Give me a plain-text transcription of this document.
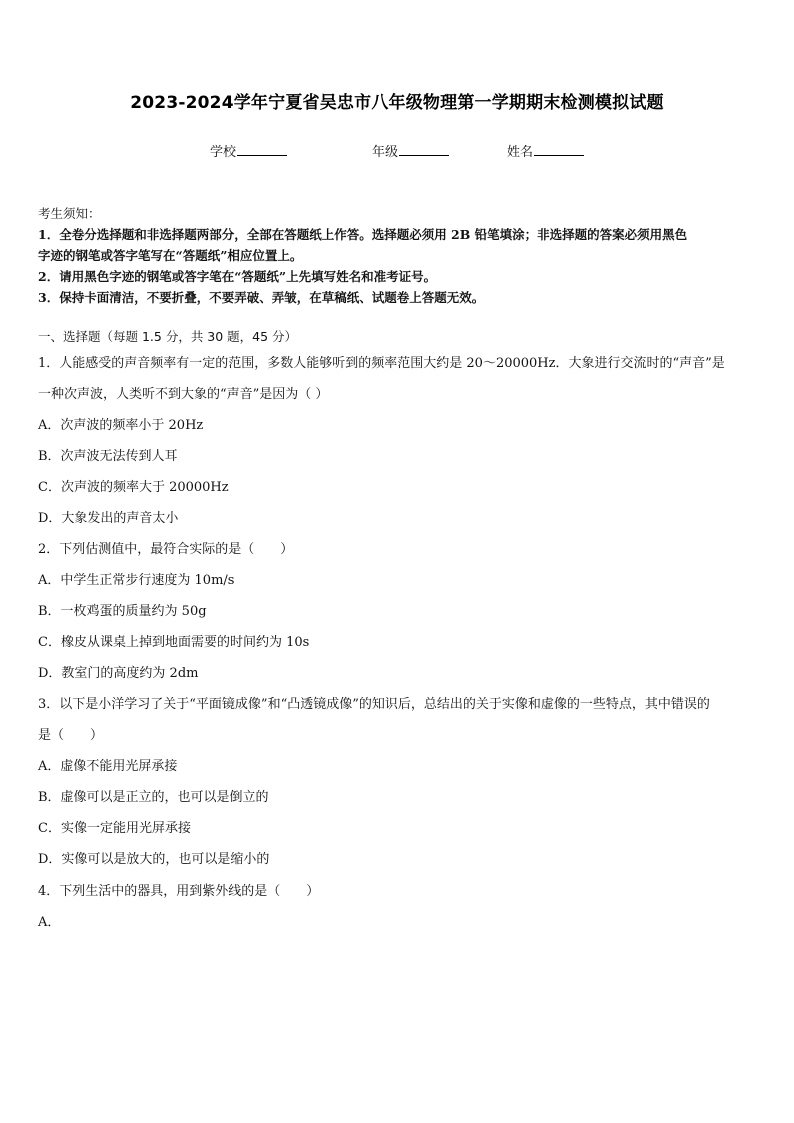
2023-2024学年宁夏省吴忠市八年级物理第一学期期末检测模拟试题
学校	年级	姓名
考生须知：
1．全卷分选择题和非选择题两部分，全部在答题纸上作答。选择题必须用 2B 铅笔填涂；非选择题的答案必须用黑色
字迹的钢笔或答字笔写在“答题纸”相应位置上。
2．请用黑色字迹的钢笔或答字笔在“答题纸”上先填写姓名和准考证号。
3．保持卡面清洁，不要折叠，不要弄破、弄皱，在草稿纸、试题卷上答题无效。
一、选择题（每题 1.5 分，共 30 题，45 分）
1．人能感受的声音频率有一定的范围，多数人能够听到的频率范围大约是 20～20000Hz．大象进行交流时的“声音”是
一种次声波，人类听不到大象的“声音”是因为（ ）
A．次声波的频率小于 20Hz
B．次声波无法传到人耳
C．次声波的频率大于 20000Hz
D．大象发出的声音太小
2．下列估测值中，最符合实际的是（　　）
A．中学生正常步行速度为 10m/s
B．一枚鸡蛋的质量约为 50g
C．橡皮从课桌上掉到地面需要的时间约为 10s
D．教室门的高度约为 2dm
3．以下是小洋学习了关于“平面镜成像”和“凸透镜成像”的知识后，总结出的关于实像和虚像的一些特点，其中错误的
是（　　）
A．虚像不能用光屏承接
B．虚像可以是正立的，也可以是倒立的
C．实像一定能用光屏承接
D．实像可以是放大的，也可以是缩小的
4．下列生活中的器具，用到紫外线的是（　　）
A．
